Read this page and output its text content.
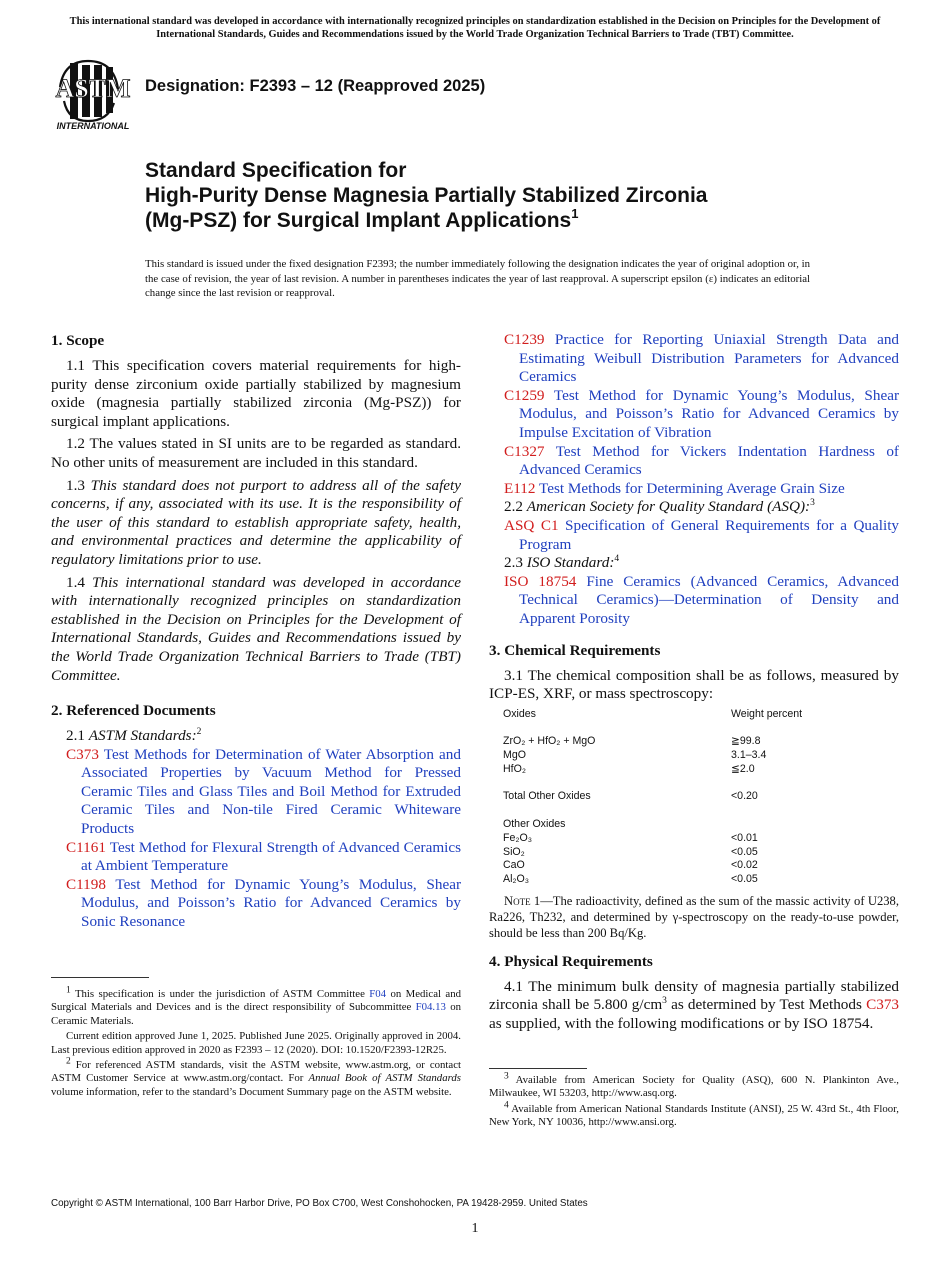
This international standard was developed in accordance with internationally recognized principles on standardization established in the Decision on Principles for the Development of International Standards, Guides and Recommendations issued by the World Trade Organization Technical Barriers to Trade (TBT) Committee.
ASTM
INTERNATIONAL
Designation: F2393 – 12 (Reapproved 2025)
Standard Specification for
High-Purity Dense Magnesia Partially Stabilized Zirconia
(Mg-PSZ) for Surgical Implant Applications$^1$
This standard is issued under the fixed designation F2393; the number immediately following the designation indicates the year of original adoption or, in the case of revision, the year of last revision. A number in parentheses indicates the year of last reapproval. A superscript epsilon (ε) indicates an editorial change since the last revision or reapproval.
1. Scope

1.1 This specification covers material requirements for high-purity dense zirconium oxide partially stabilized by magnesium oxide (magnesia partially stabilized zirconia (Mg-PSZ)) for surgical implant applications.

1.2 The values stated in SI units are to be regarded as standard. No other units of measurement are included in this standard.

1.3 This standard does not purport to address all of the safety concerns, if any, associated with its use. It is the responsibility of the user of this standard to establish appropriate safety, health, and environmental practices and determine the applicability of regulatory limitations prior to use.

1.4 This international standard was developed in accordance with internationally recognized principles on standardization established in the Decision on Principles for the Development of International Standards, Guides and Recommendations issued by the World Trade Organization Technical Barriers to Trade (TBT) Committee.

2. Referenced Documents

2.1 ASTM Standards:$^2$

C373 Test Methods for Determination of Water Absorption and Associated Properties by Vacuum Method for Pressed Ceramic Tiles and Glass Tiles and Boil Method for Extruded Ceramic Tiles and Non-tile Fired Ceramic Whiteware Products
C1161 Test Method for Flexural Strength of Advanced Ceramics at Ambient Temperature
C1198 Test Method for Dynamic Young’s Modulus, Shear Modulus, and Poisson’s Ratio for Advanced Ceramics by Sonic Resonance

$^1$ This specification is under the jurisdiction of ASTM Committee F04 on Medical and Surgical Materials and Devices and is the direct responsibility of Subcommittee F04.13 on Ceramic Materials.

Current edition approved June 1, 2025. Published June 2025. Originally approved in 2004. Last previous edition approved in 2020 as F2393 – 12 (2020). DOI: 10.1520/F2393-12R25.

$^2$ For referenced ASTM standards, visit the ASTM website, www.astm.org, or contact ASTM Customer Service at www.astm.org/contact. For Annual Book of ASTM Standards volume information, refer to the standard’s Document Summary page on the ASTM website.

C1239 Practice for Reporting Uniaxial Strength Data and Estimating Weibull Distribution Parameters for Advanced Ceramics
C1259 Test Method for Dynamic Young’s Modulus, Shear Modulus, and Poisson’s Ratio for Advanced Ceramics by Impulse Excitation of Vibration
C1327 Test Method for Vickers Indentation Hardness of Advanced Ceramics
E112 Test Methods for Determining Average Grain Size

2.2 American Society for Quality Standard (ASQ):$^3$

ASQ C1 Specification of General Requirements for a Quality Program

2.3 ISO Standard:$^4$

ISO 18754 Fine Ceramics (Advanced Ceramics, Advanced Technical Ceramics)—Determination of Density and Apparent Porosity
3. Chemical Requirements

3.1 The chemical composition shall be as follows, measured by ICP-ES, XRF, or mass spectroscopy:

Oxides	Weight percent
ZrO₂ + HfO₂ + MgO	≧99.8
MgO	3.1–3.4
HfO₂	≦2.0
Total Other Oxides	<0.20
Other Oxides
Fe₂O₃	<0.01
SiO₂	<0.05
CaO	<0.02
Al₂O₃	<0.05

Note 1—The radioactivity, defined as the sum of the massic activity of U238, Ra226, Th232, and determined by γ-spectroscopy on the ready-to-use powder, should be less than 200 Bq/Kg.

4. Physical Requirements

4.1 The minimum bulk density of magnesia partially stabilized zirconia shall be 5.800 $g/cm^3$ as determined by Test Methods C373 as supplied, with the following modifications or by ISO 18754.

$^3$ Available from American Society for Quality (ASQ), 600 N. Plankinton Ave., Milwaukee, WI 53203, http://www.asq.org.

$^4$ Available from American National Standards Institute (ANSI), 25 W. 43rd St., 4th Floor, New York, NY 10036, http://www.ansi.org.

Copyright © ASTM International, 100 Barr Harbor Drive, PO Box C700, West Conshohocken, PA 19428-2959. United States
1
